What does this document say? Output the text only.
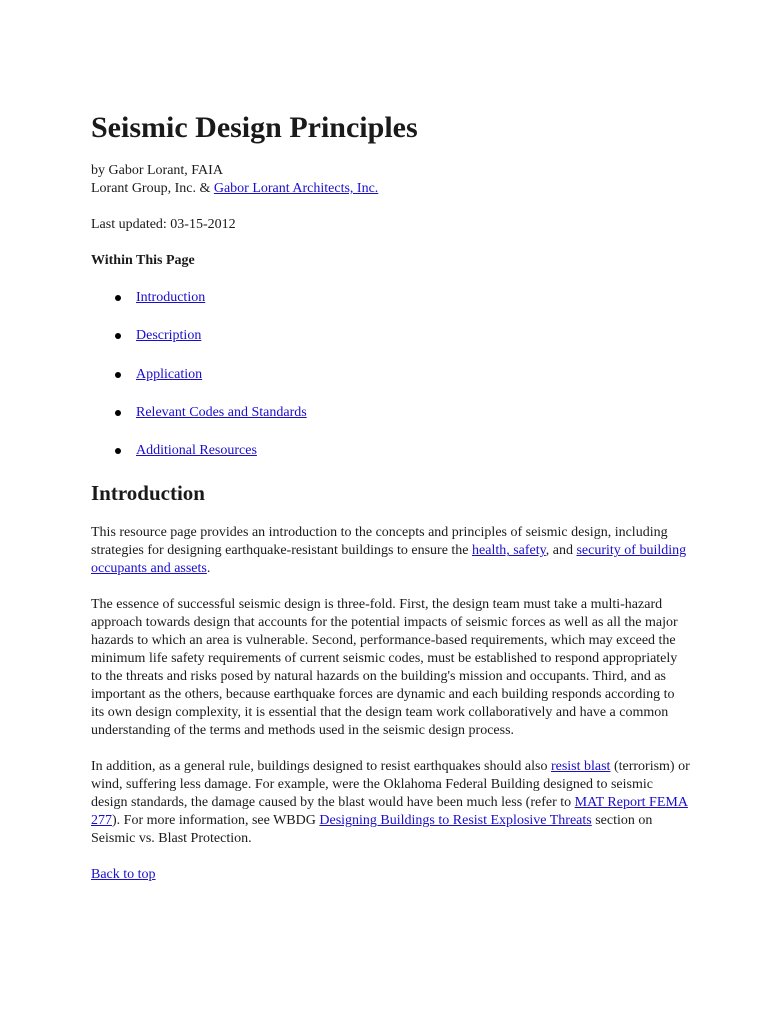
Seismic Design Principles
by Gabor Lorant, FAIA
Lorant Group, Inc. & Gabor Lorant Architects, Inc.

Last updated: 03-15-2012

Within This Page

Introduction
Description
Application
Relevant Codes and Standards
Additional Resources
Introduction

This resource page provides an introduction to the concepts and principles of seismic design, including strategies for designing earthquake-resistant buildings to ensure the health, safety, and security of building occupants and assets.

The essence of successful seismic design is three-fold. First, the design team must take a multi-hazard approach towards design that accounts for the potential impacts of seismic forces as well as all the major hazards to which an area is vulnerable. Second, performance-based requirements, which may exceed the minimum life safety requirements of current seismic codes, must be established to respond appropriately to the threats and risks posed by natural hazards on the building's mission and occupants. Third, and as important as the others, because earthquake forces are dynamic and each building responds according to its own design complexity, it is essential that the design team work collaboratively and have a common understanding of the terms and methods used in the seismic design process.

In addition, as a general rule, buildings designed to resist earthquakes should also resist blast (terrorism) or wind, suffering less damage. For example, were the Oklahoma Federal Building designed to seismic design standards, the damage caused by the blast would have been much less (refer to MAT Report FEMA 277). For more information, see WBDG Designing Buildings to Resist Explosive Threats section on Seismic vs. Blast Protection.

Back to top
